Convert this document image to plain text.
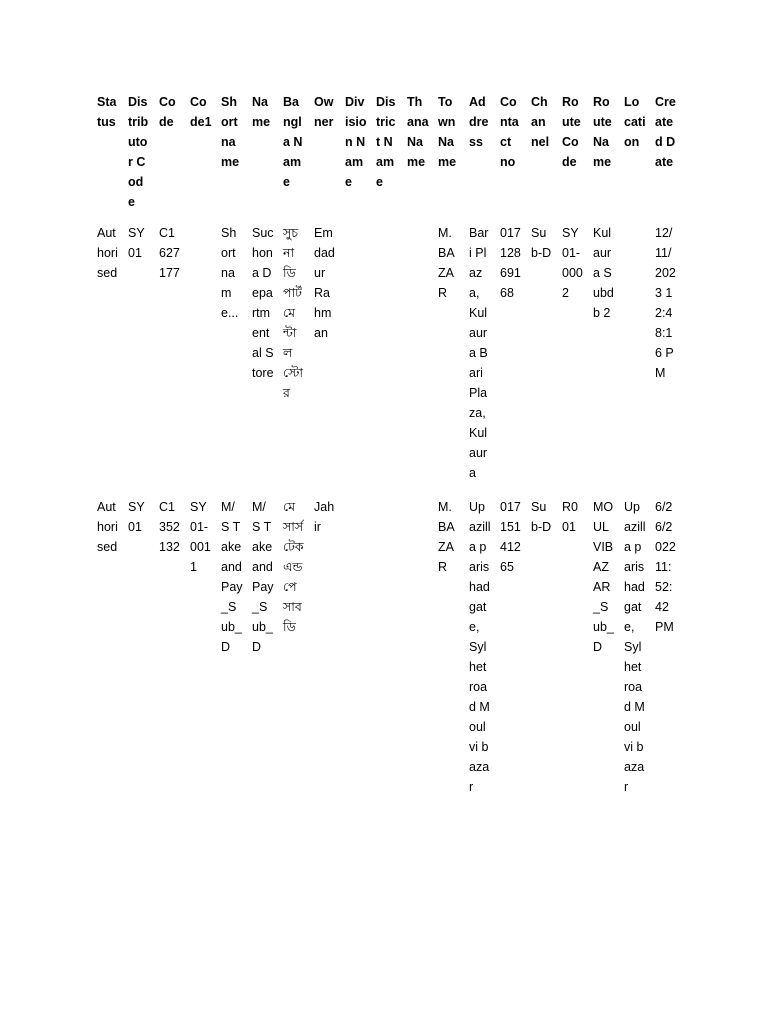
Status	Distributor Code	Code	Code1	Short name	Name	Bangla Name	Owner	Division Name	District Name	Thana Name	Town Name	Address	Contact no	Channel	Route Code	Route Name	Location	Created Date

Authorised	SY01	C1627177		Short name...	Suchona Departmental Store	সুচনা ডিপার্টমেন্টাল স্টোর	Emdadur Rahman				M.BAZAR	Bari Plaza, Kulaura Bari Plaza, Kulaura	01712869168	Sub-D	SY01-0002	Kulaura Subdb 2		12/11/2023 12:48:16 PM

Authorised	SY01	C1352132	SY01-0011	M/S Take and Pay_Sub_D	M/S Take and Pay_Sub_D	মেসার্স টেক এন্ড পে সাব ডি	Jahir				M.BAZAR	Upazilla parishad gate, Sylhet road Moulvi bazar	01715141265	Sub-D	R001	MOULVIBAZAR_Sub_D	Upazilla parishad gate, Sylhet road Moulvi bazar	6/26/2022 11:52:42 PM
